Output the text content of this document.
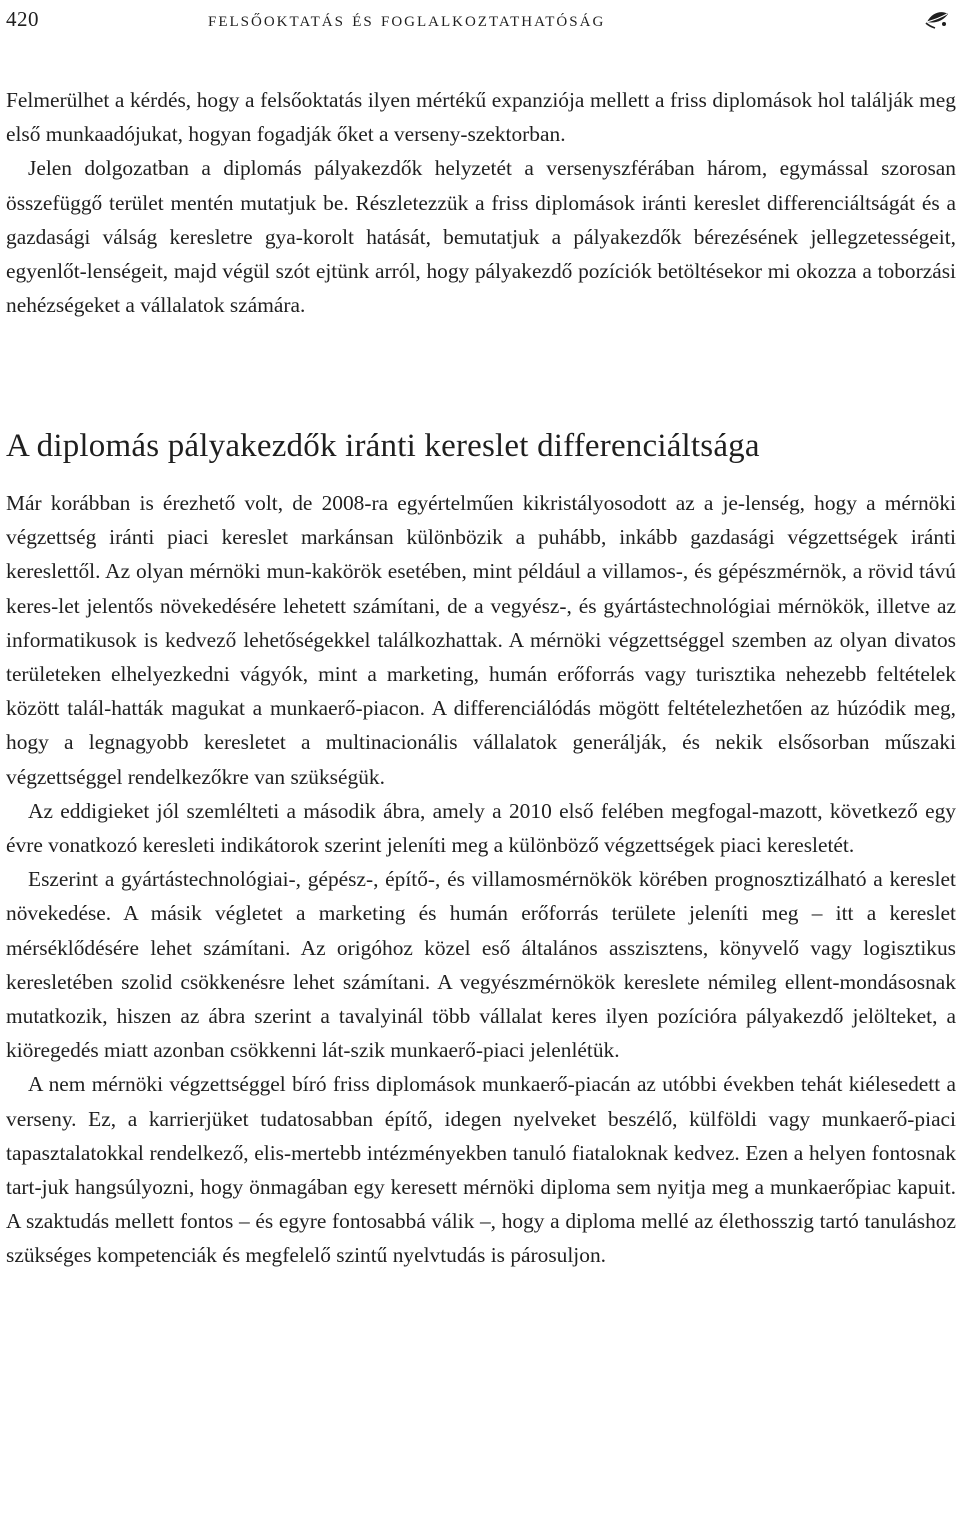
420	felsőoktatás és foglalkoztathatóság

Felmerülhet a kérdés, hogy a felsőoktatás ilyen mértékű expanziója mellett a friss diplomások hol találják meg első munkaadójukat, hogyan fogadják őket a verseny-szektorban.

Jelen dolgozatban a diplomás pályakezdők helyzetét a versenyszférában három, egymással szorosan összefüggő terület mentén mutatjuk be. Részletezzük a friss diplomások iránti kereslet differenciáltságát és a gazdasági válság keresletre gya-korolt hatását, bemutatjuk a pályakezdők bérezésének jellegzetességeit, egyenlőt-lenségeit, majd végül szót ejtünk arról, hogy pályakezdő pozíciók betöltésekor mi okozza a toborzási nehézségeket a vállalatok számára.

A diplomás pályakezdők iránti kereslet differenciáltsága

Már korábban is érezhető volt, de 2008-ra egyértelműen kikristályosodott az a je-lenség, hogy a mérnöki végzettség iránti piaci kereslet markánsan különbözik a puhább, inkább gazdasági végzettségek iránti kereslettől. Az olyan mérnöki mun-kakörök esetében, mint például a villamos-, és gépészmérnök, a rövid távú keres-let jelentős növekedésére lehetett számítani, de a vegyész-, és gyártástechnológiai mérnökök, illetve az informatikusok is kedvező lehetőségekkel találkozhattak. A mérnöki végzettséggel szemben az olyan divatos területeken elhelyezkedni vágyók, mint a marketing, humán erőforrás vagy turisztika nehezebb feltételek között talál-hatták magukat a munkaerő-piacon. A differenciálódás mögött feltételezhetően az húzódik meg, hogy a legnagyobb keresletet a multinacionális vállalatok generálják, és nekik elsősorban műszaki végzettséggel rendelkezőkre van szükségük.

Az eddigieket jól szemlélteti a második ábra, amely a 2010 első felében megfogal-mazott, következő egy évre vonatkozó keresleti indikátorok szerint jeleníti meg a különböző végzettségek piaci keresletét.

Eszerint a gyártástechnológiai-, gépész-, építő-, és villamosmérnökök körében prognosztizálható a kereslet növekedése. A másik végletet a marketing és humán erőforrás területe jeleníti meg – itt a kereslet mérséklődésére lehet számítani. Az origóhoz közel eső általános asszisztens, könyvelő vagy logisztikus keresletében szolid csökkenésre lehet számítani. A vegyészmérnökök kereslete némileg ellent-mondásosnak mutatkozik, hiszen az ábra szerint a tavalyinál több vállalat keres ilyen pozícióra pályakezdő jelölteket, a kiöregedés miatt azonban csökkenni lát-szik munkaerő-piaci jelenlétük.

A nem mérnöki végzettséggel bíró friss diplomások munkaerő-piacán az utóbbi években tehát kiélesedett a verseny. Ez, a karrierjüket tudatosabban építő, idegen nyelveket beszélő, külföldi vagy munkaerő-piaci tapasztalatokkal rendelkező, elis-mertebb intézményekben tanuló fiataloknak kedvez. Ezen a helyen fontosnak tart-juk hangsúlyozni, hogy önmagában egy keresett mérnöki diploma sem nyitja meg a munkaerőpiac kapuit. A szaktudás mellett fontos – és egyre fontosabbá válik –, hogy a diploma mellé az élethosszig tartó tanuláshoz szükséges kompetenciák és megfelelő szintű nyelvtudás is párosuljon.
